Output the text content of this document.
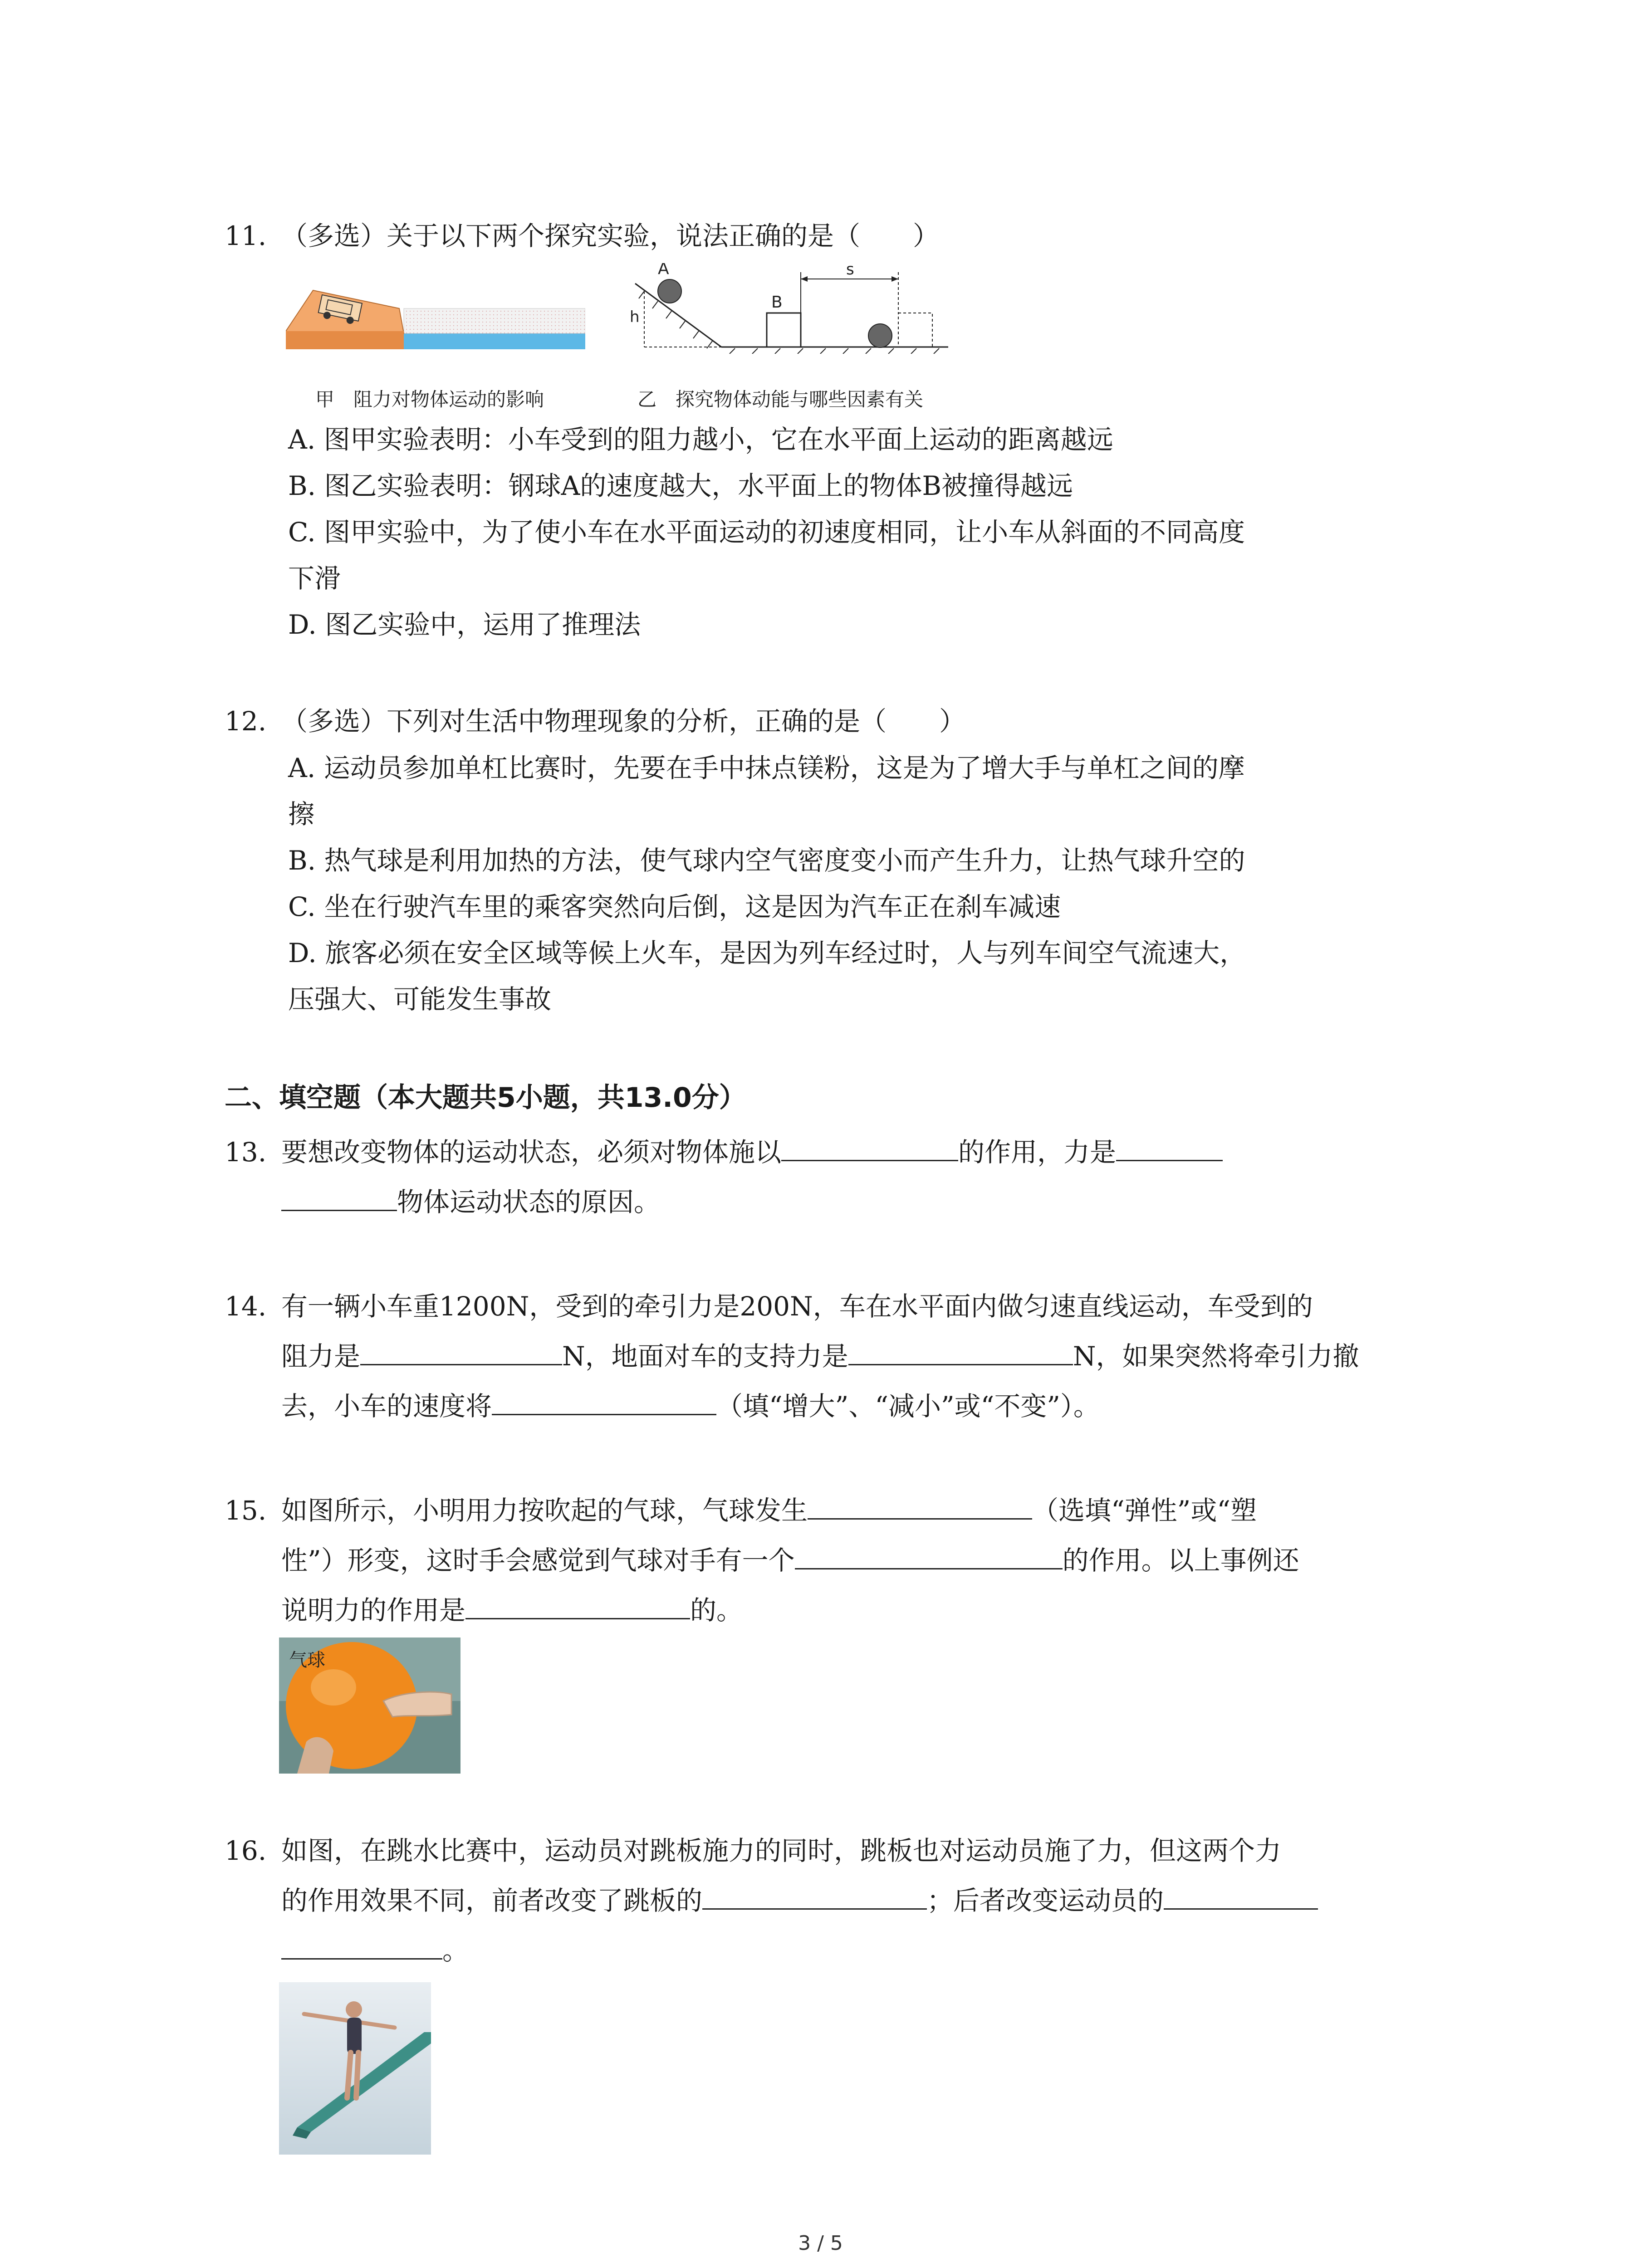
11. （多选）关于以下两个探究实验，说法正确的是（　　）
甲　阻力对物体运动的影响
A
h
B
s
乙　探究物体动能与哪些因素有关
A. 图甲实验表明：小车受到的阻力越小，它在水平面上运动的距离越远
B. 图乙实验表明：钢球A的速度越大，水平面上的物体B被撞得越远
C. 图甲实验中，为了使小车在水平面运动的初速度相同，让小车从斜面的不同高度
下滑
D. 图乙实验中，运用了推理法
12. （多选）下列对生活中物理现象的分析，正确的是（　　）
A. 运动员参加单杠比赛时，先要在手中抹点镁粉，这是为了增大手与单杠之间的摩
擦
B. 热气球是利用加热的方法，使气球内空气密度变小而产生升力，让热气球升空的
C. 坐在行驶汽车里的乘客突然向后倒，这是因为汽车正在刹车减速
D. 旅客必须在安全区域等候上火车，是因为列车经过时，人与列车间空气流速大，
压强大、可能发生事故
二、填空题（本大题共5小题，共13.0分）
13. 要想改变物体的运动状态，必须对物体施以	的作用，力是
物体运动状态的原因。
14. 有一辆小车重1200N，受到的牵引力是200N，车在水平面内做匀速直线运动，车受到的
阻力是	N，地面对车的支持力是	N，如果突然将牵引力撤
去，小车的速度将	（填“增大”、“减小”或“不变”）。
15. 如图所示，小明用力按吹起的气球，气球发生	（选填“弹性”或“塑
性”）形变，这时手会感觉到气球对手有一个	的作用。以上事例还
说明力的作用是	的。
气球
16. 如图，在跳水比赛中，运动员对跳板施力的同时，跳板也对运动员施了力，但这两个力
的作用效果不同，前者改变了跳板的	；后者改变运动员的
。
3 / 5
